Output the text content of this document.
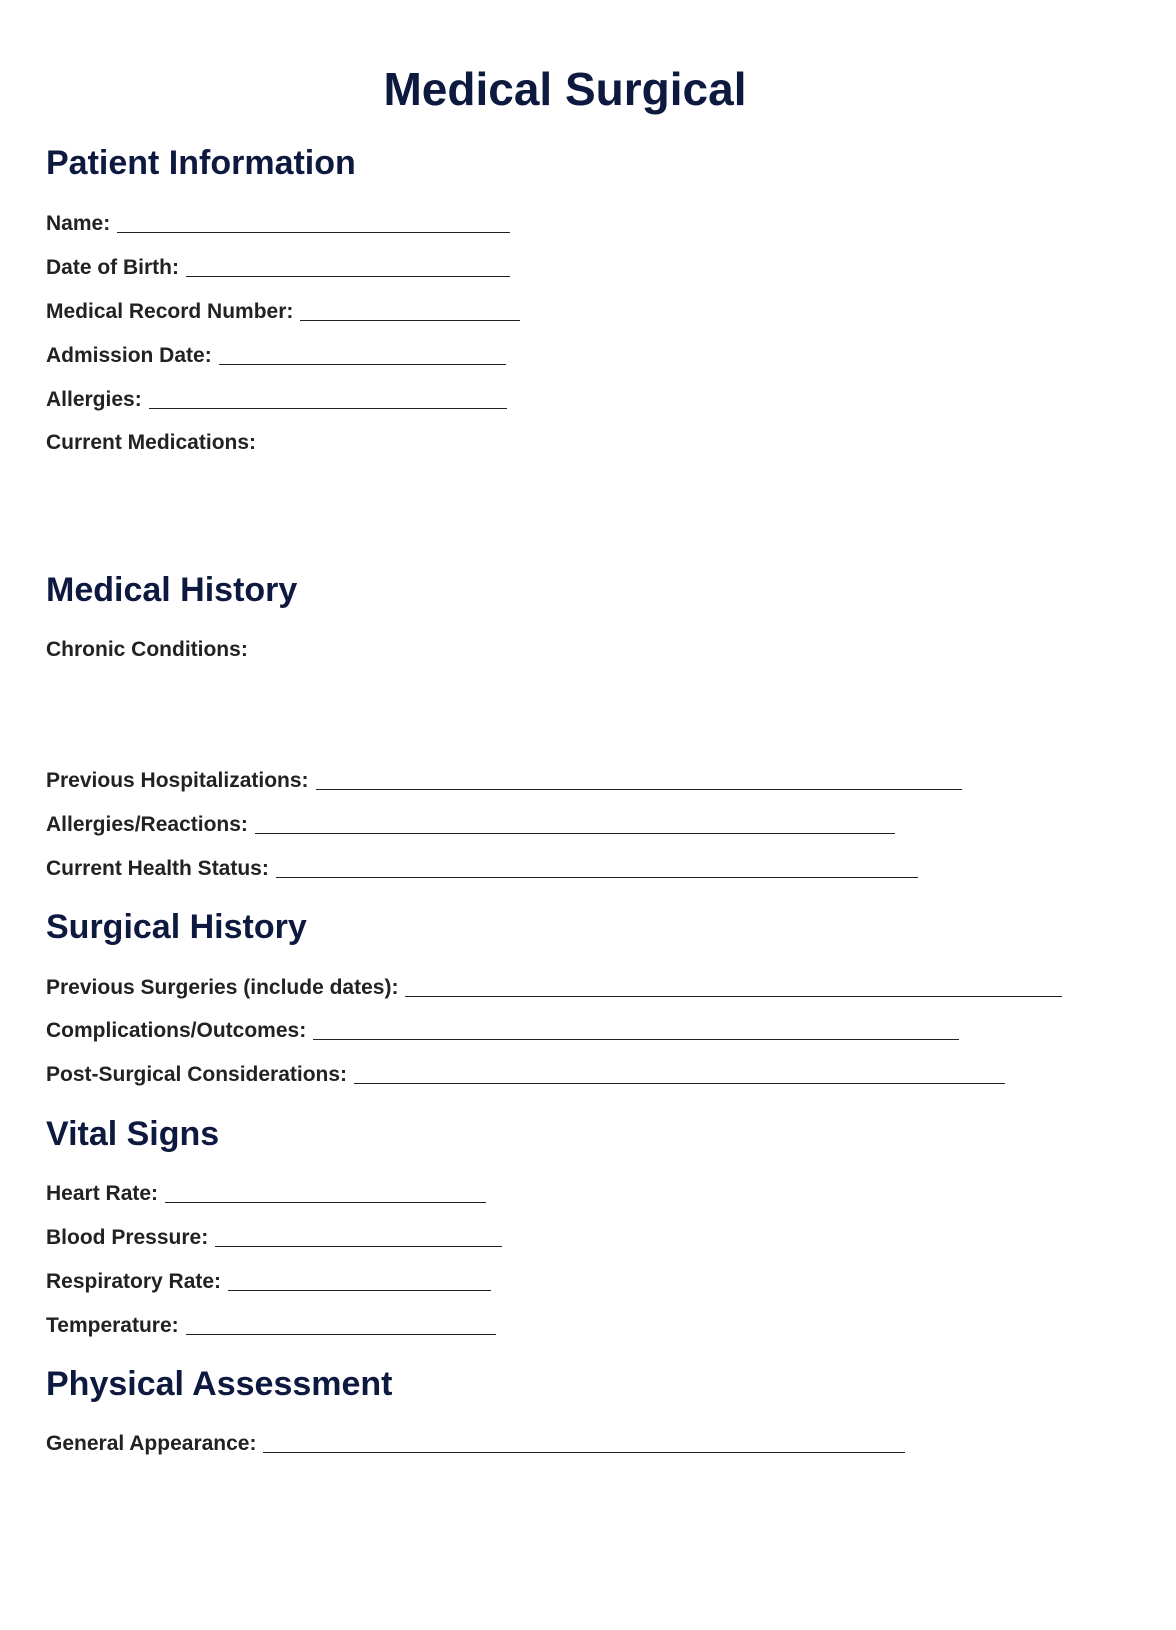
Medical Surgical
Patient Information
Name:
Date of Birth:
Medical Record Number:
Admission Date:
Allergies:
Current Medications:
Medical History
Chronic Conditions:
Previous Hospitalizations:
Allergies/Reactions:
Current Health Status:
Surgical History
Previous Surgeries (include dates):
Complications/Outcomes:
Post-Surgical Considerations:
Vital Signs
Heart Rate:
Blood Pressure:
Respiratory Rate:
Temperature:
Physical Assessment
General Appearance:
